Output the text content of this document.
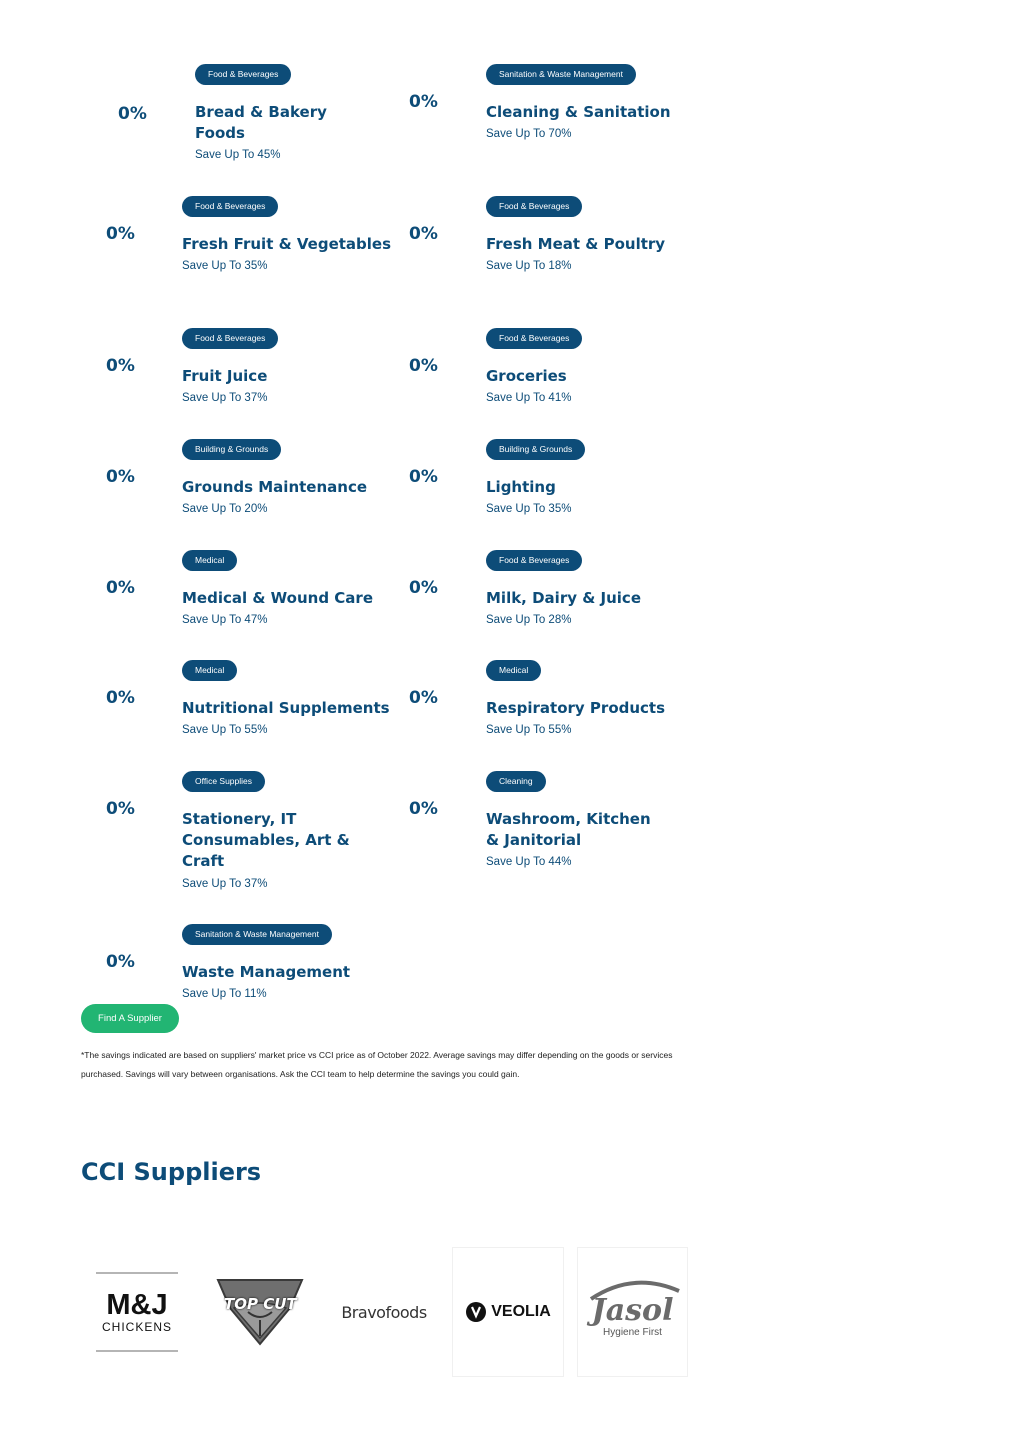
0%
Food & Beverages
Bread & Bakery Foods
Save Up To 45%
0%
Sanitation & Waste Management
Cleaning & Sanitation
Save Up To 70%
0%
Food & Beverages
Fresh Fruit & Vegetables
Save Up To 35%
0%
Food & Beverages
Fresh Meat & Poultry
Save Up To 18%
0%
Food & Beverages
Fruit Juice
Save Up To 37%
0%
Food & Beverages
Groceries
Save Up To 41%
0%
Building & Grounds
Grounds Maintenance
Save Up To 20%
0%
Building & Grounds
Lighting
Save Up To 35%
0%
Medical
Medical & Wound Care
Save Up To 47%
0%
Food & Beverages
Milk, Dairy & Juice
Save Up To 28%
0%
Medical
Nutritional Supplements
Save Up To 55%
0%
Medical
Respiratory Products
Save Up To 55%
0%
Office Supplies
Stationery, IT Consumables, Art & Craft
Save Up To 37%
0%
Cleaning
Washroom, Kitchen & Janitorial
Save Up To 44%
0%
Sanitation & Waste Management
Waste Management
Save Up To 11%
Find A Supplier
*The savings indicated are based on suppliers' market price vs CCI price as of October 2022. Average savings may differ depending on the goods or services purchased. Savings will vary between organisations. Ask the CCI team to help determine the savings you could gain.
CCI Suppliers
M&J
CHICKENS
TOP CUT	Bravofoods	VEOLIA Jasol
Hygiene First
